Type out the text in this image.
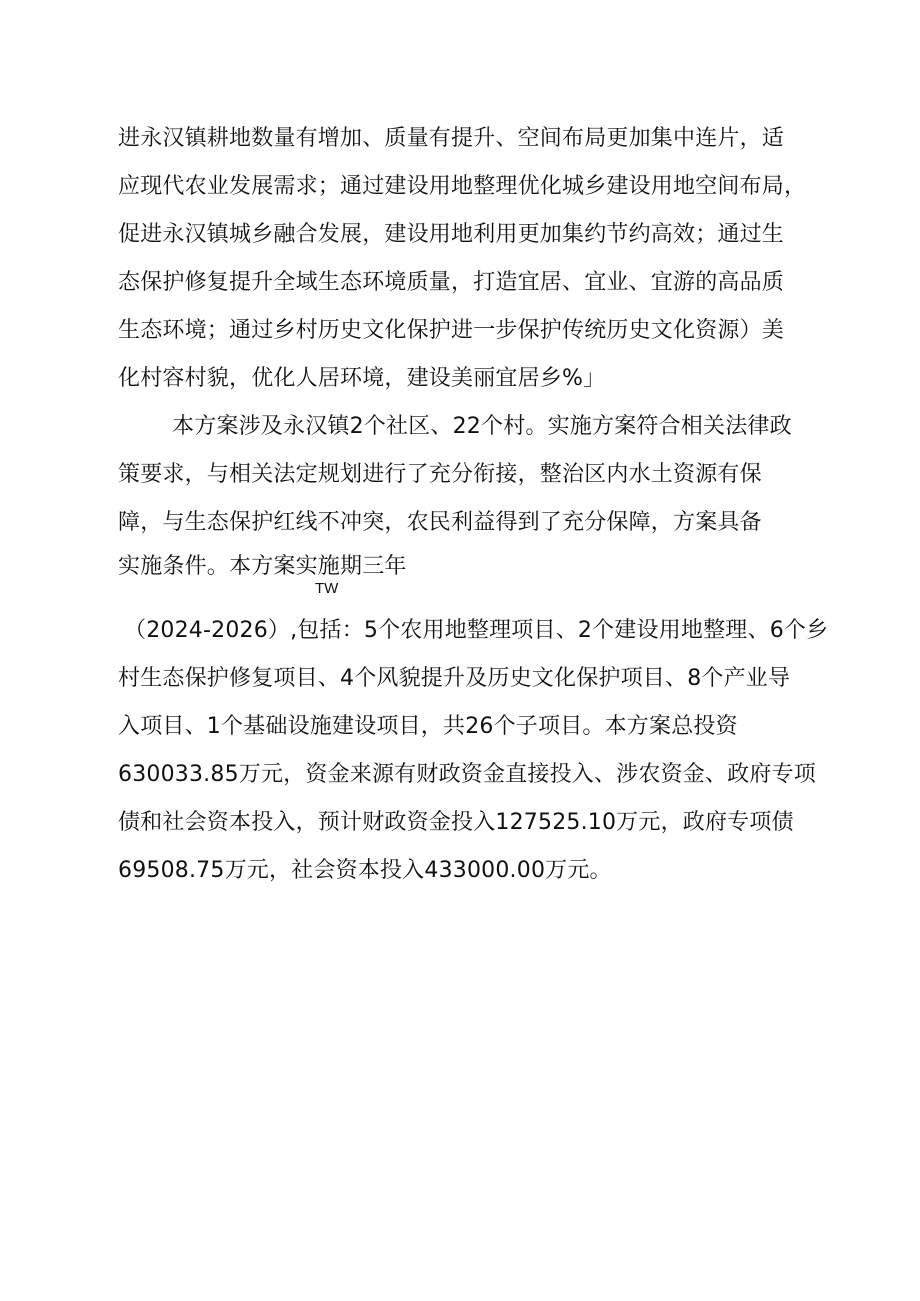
进永汉镇耕地数量有增加、质量有提升、空间布局更加集中连片，适
应现代农业发展需求；通过建设用地整理优化城乡建设用地空间布局，
促进永汉镇城乡融合发展，建设用地利用更加集约节约高效；通过生
态保护修复提升全域生态环境质量，打造宜居、宜业、宜游的高品质
生态环境；通过乡村历史文化保护进一步保护传统历史文化资源）美
化村容村貌，优化人居环境，建设美丽宜居乡%」
本方案涉及永汉镇2个社区、22个村。实施方案符合相关法律政
策要求，与相关法定规划进行了充分衔接，整治区内水土资源有保
障，与生态保护红线不冲突，农民利益得到了充分保障，方案具备
实施条件。本方案实施期三年
TW
（2024-2026）,包括：5个农用地整理项目、2个建设用地整理、6个乡
村生态保护修复项目、4个风貌提升及历史文化保护项目、8个产业导
入项目、1个基础设施建设项目，共26个子项目。本方案总投资
630033.85万元，资金来源有财政资金直接投入、涉农资金、政府专项
债和社会资本投入，预计财政资金投入127525.10万元，政府专项债
69508.75万元，社会资本投入433000.00万元。
